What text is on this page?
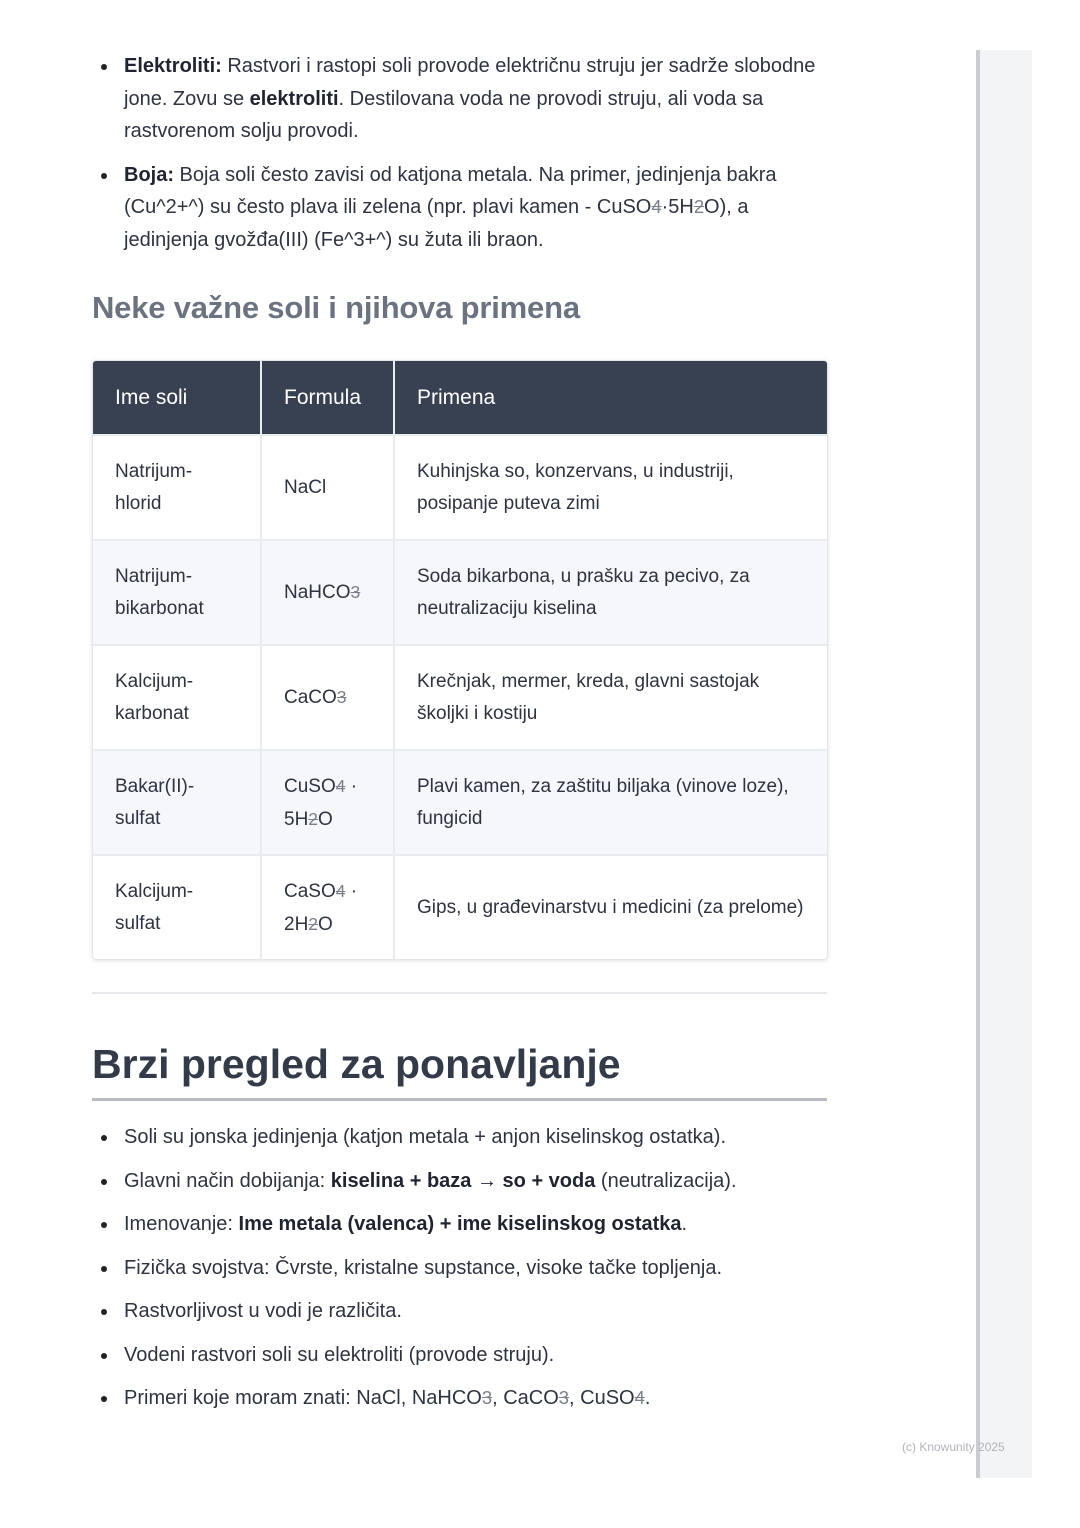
Elektroliti: Rastvori i rastopi soli provode električnu struju jer sadrže slobodne jone. Zovu se elektroliti. Destilovana voda ne provodi struju, ali voda sa rastvorenom solju provodi.
Boja: Boja soli često zavisi od katjona metala. Na primer, jedinjenja bakra (Cu^2+^) su često plava ili zelena (npr. plavi kamen - CuSO4·5H2O), a jedinjenja gvožđa(III) (Fe^3+^) su žuta ili braon.
Neke važne soli i njihova primena
Ime soli	Formula	Primena
Natrijum-hlorid	NaCl	Kuhinjska so, konzervans, u industriji, posipanje puteva zimi
Natrijum-bikarbonat	NaHCO3	Soda bikarbona, u prašku za pecivo, za neutralizaciju kiselina
Kalcijum-karbonat	CaCO3	Krečnjak, mermer, kreda, glavni sastojak školjki i kostiju
Bakar(II)-sulfat	CuSO4 · 5H2O	Plavi kamen, za zaštitu biljaka (vinove loze), fungicid
Kalcijum-sulfat	CaSO4 · 2H2O	Gips, u građevinarstvu i medicini (za prelome)
Brzi pregled za ponavljanje
Soli su jonska jedinjenja (katjon metala + anjon kiselinskog ostatka).
Glavni način dobijanja: kiselina + baza → so + voda (neutralizacija).
Imenovanje: Ime metala (valenca) + ime kiselinskog ostatka.
Fizička svojstva: Čvrste, kristalne supstance, visoke tačke topljenja.
Rastvorljivost u vodi je različita.
Vodeni rastvori soli su elektroliti (provode struju).
Primeri koje moram znati: NaCl, NaHCO3, CaCO3, CuSO4.
(c) Knowunity 2025
